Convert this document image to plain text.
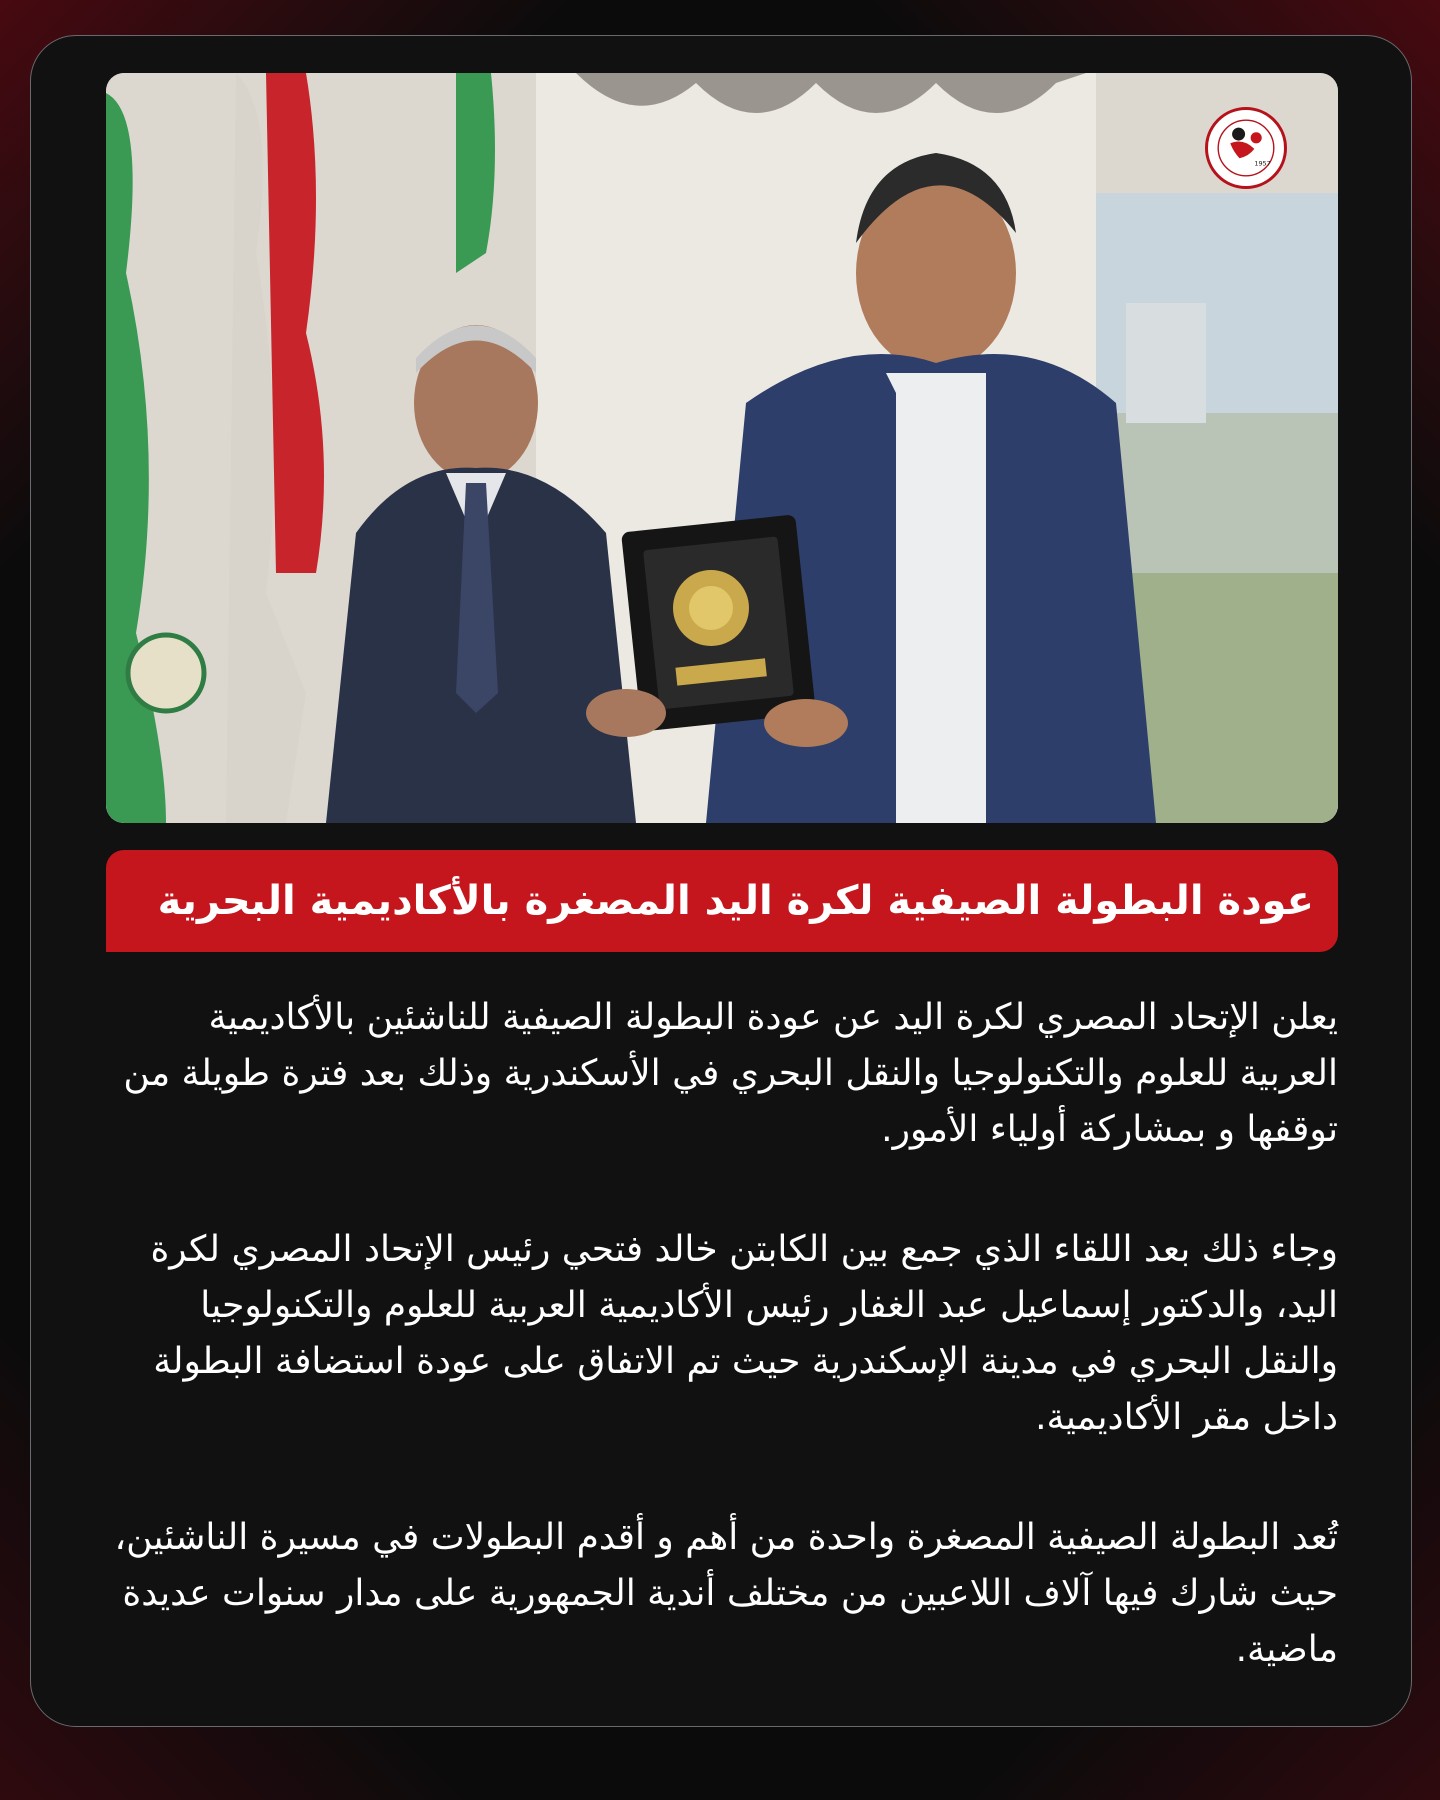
1957
عودة البطولة الصيفية لكرة اليد المصغرة بالأكاديمية البحرية

يعلن الإتحاد المصري لكرة اليد عن عودة البطولة الصيفية للناشئين بالأكاديمية العربية للعلوم والتكنولوجيا والنقل البحري في الأسكندرية وذلك بعد فترة طويلة من توقفها و بمشاركة أولياء الأمور.

وجاء ذلك بعد اللقاء الذي جمع بين الكابتن خالد فتحي رئيس الإتحاد المصري لكرة اليد، والدكتور إسماعيل عبد الغفار رئيس الأكاديمية العربية للعلوم والتكنولوجيا والنقل البحري في مدينة الإسكندرية حيث تم الاتفاق على عودة استضافة البطولة داخل مقر الأكاديمية.

تُعد البطولة الصيفية المصغرة واحدة من أهم و أقدم البطولات في مسيرة الناشئين، حيث شارك فيها آلاف اللاعبين من مختلف أندية الجمهورية على مدار سنوات عديدة ماضية.
